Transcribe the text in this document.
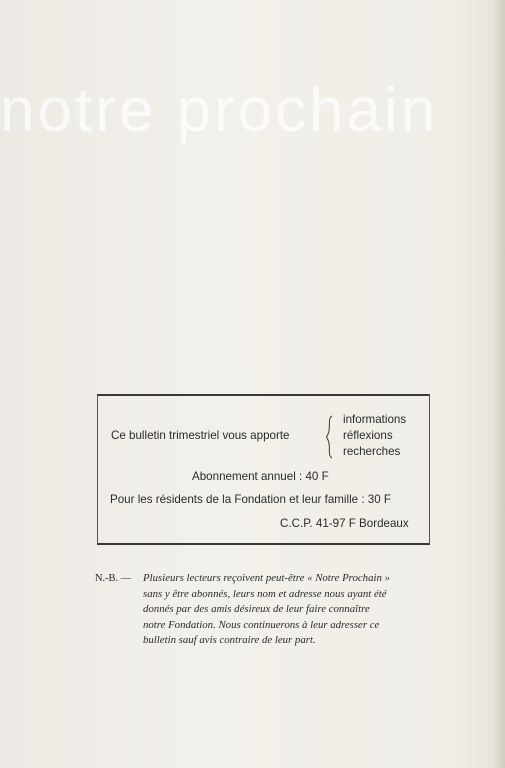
notre prochain
Ce bulletin trimestriel vous apporte
informations
réflexions
recherches
Abonnement annuel : 40 F
Pour les résidents de la Fondation et leur famille : 30 F
C.C.P. 41-97 F Bordeaux
N.-B. — Plusieurs lecteurs reçoivent peut-être « Notre Prochain »
sans y être abonnés, leurs nom et adresse nous ayant été
donnés par des amis désireux de leur faire connaître
notre Fondation. Nous continuerons à leur adresser ce
bulletin sauf avis contraire de leur part.
